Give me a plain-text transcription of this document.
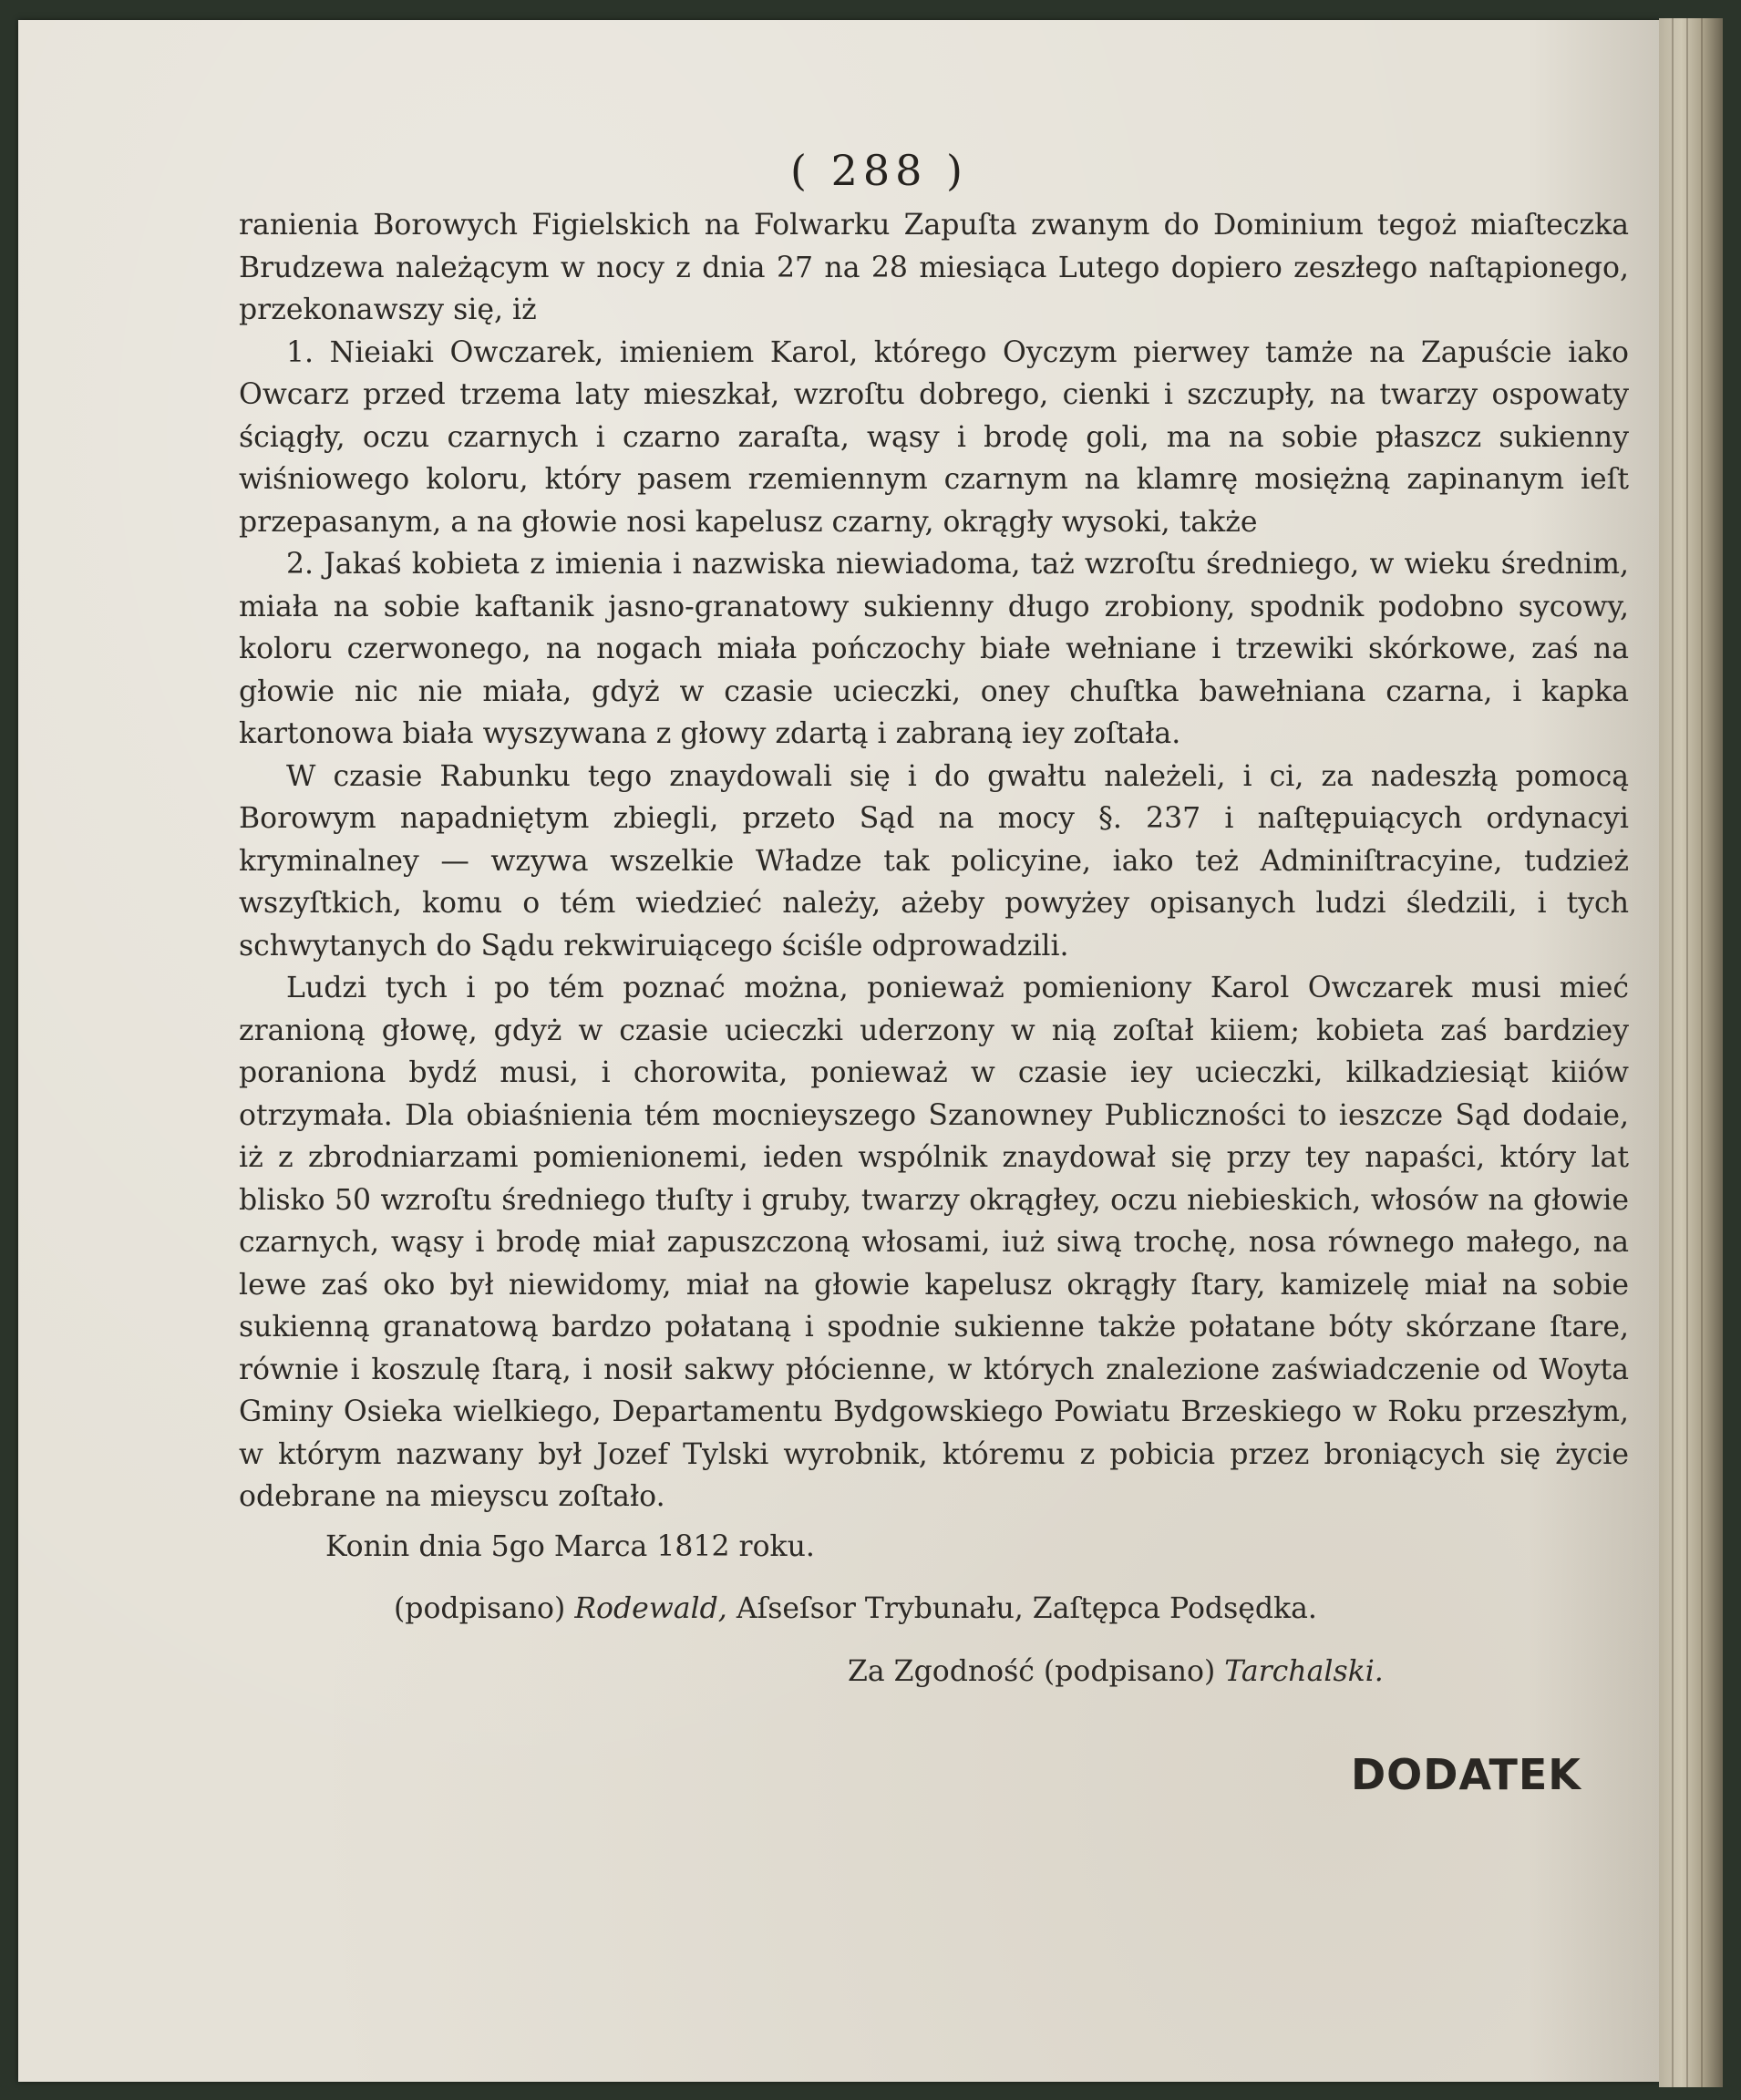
( 288 )

ranienia Borowych Figielskich na Folwarku Zapuſta zwanym do Dominium tegoż miaſteczka Brudzewa należącym w nocy z dnia 27 na 28 miesiąca Lutego dopiero zeszłego naſtąpionego, przekonawszy się, iż

1. Nieiaki Owczarek, imieniem Karol, którego Oyczym pierwey tamże na Zapuście iako Owcarz przed trzema laty mieszkał, wzroſtu dobrego, cienki i szczupły, na twarzy ospowaty ściągły, oczu czarnych i czarno zaraſta, wąsy i brodę goli, ma na sobie płaszcz sukienny wiśniowego koloru, który pasem rzemiennym czarnym na klamrę mosiężną zapinanym ieſt przepasanym, a na głowie nosi kapelusz czarny, okrągły wysoki, także

2. Jakaś kobieta z imienia i nazwiska niewiadoma, taż wzroſtu średniego, w wieku średnim, miała na sobie kaftanik jasno-granatowy sukienny długo zrobiony, spodnik podobno sycowy, koloru czerwonego, na nogach miała pończochy białe wełniane i trzewiki skórkowe, zaś na głowie nic nie miała, gdyż w czasie ucieczki, oney chuſtka bawełniana czarna, i kapka kartonowa biała wyszywana z głowy zdartą i zabraną iey zoſtała.

W czasie Rabunku tego znaydowali się i do gwałtu należeli, i ci, za nadeszłą pomocą Borowym napadniętym zbiegli, przeto Sąd na mocy §. 237 i naſtępuiących ordynacyi kryminalney — wzywa wszelkie Władze tak policyine, iako też Adminiſtracyine, tudzież wszyſtkich, komu o tém wiedzieć należy, ażeby powyżey opisanych ludzi śledzili, i tych schwytanych do Sądu rekwiruiącego ściśle odprowadzili.

Ludzi tych i po tém poznać można, ponieważ pomieniony Karol Owczarek musi mieć zranioną głowę, gdyż w czasie ucieczki uderzony w nią zoſtał kiiem; kobieta zaś bardziey poraniona bydź musi, i chorowita, ponieważ w czasie iey ucieczki, kilkadziesiąt kiiów otrzymała. Dla obiaśnienia tém mocnieyszego Szanowney Publiczności to ieszcze Sąd dodaie, iż z zbrodniarzami pomienionemi, ieden wspólnik znaydował się przy tey napaści, który lat blisko 50 wzroſtu średniego tłuſty i gruby, twarzy okrągłey, oczu niebieskich, włosów na głowie czarnych, wąsy i brodę miał zapuszczoną włosami, iuż siwą trochę, nosa równego małego, na lewe zaś oko był niewidomy, miał na głowie kapelusz okrągły ſtary, kamizelę miał na sobie sukienną granatową bardzo połataną i spodnie sukienne także połatane bóty skórzane ſtare, równie i koszulę ſtarą, i nosił sakwy płócienne, w których znalezione zaświadczenie od Woyta Gminy Osieka wielkiego, Departamentu Bydgowskiego Powiatu Brzeskiego w Roku przeszłym, w którym nazwany był Jozef Tylski wyrobnik, któremu z pobicia przez broniących się życie odebrane na mieyscu zoſtało.

Konin dnia 5go Marca 1812 roku.
(podpisano) Rodewald, Aſseſsor Trybunału, Zaſtępca Podsędka.
Za Zgodność (podpisano) Tarchalski.
DODATEK
